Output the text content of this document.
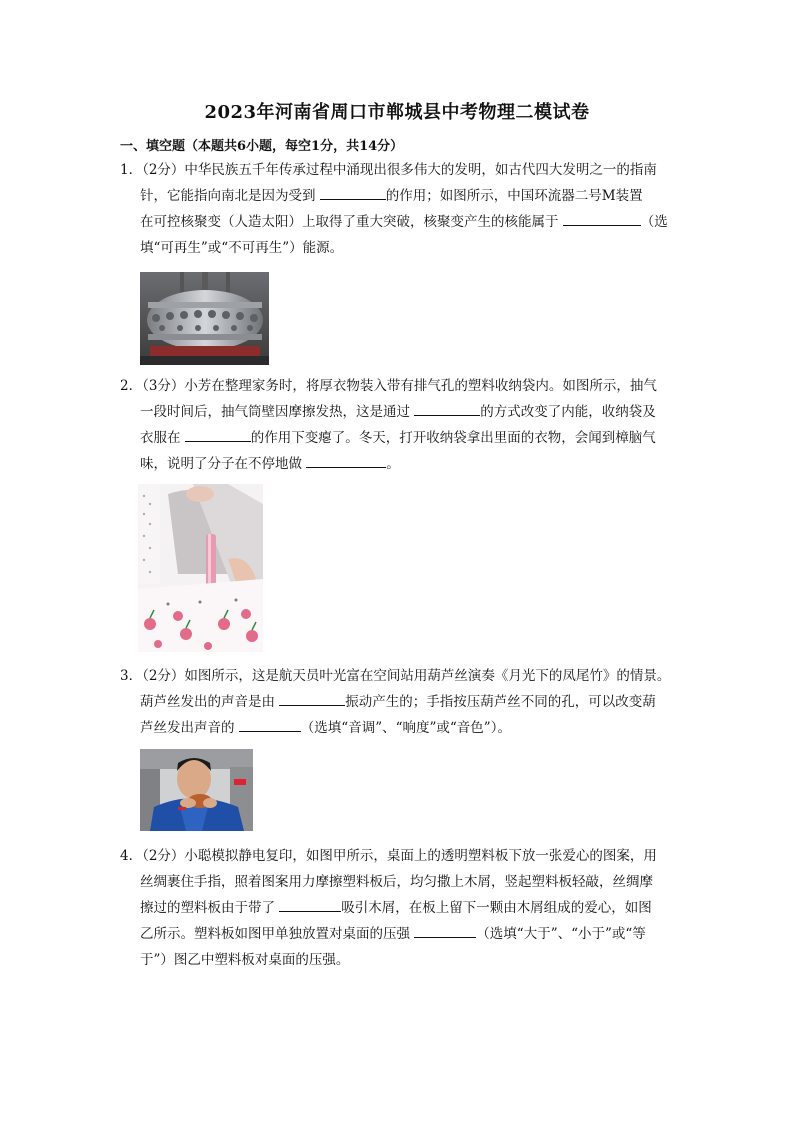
2023年河南省周口市郸城县中考物理二模试卷
一、填空题（本题共6小题，每空1分，共14分）
1．（2分）中华民族五千年传承过程中涌现出很多伟大的发明，如古代四大发明之一的指南
针，它能指向南北是因为受到	的作用；如图所示，中国环流器二号M装置
在可控核聚变（人造太阳）上取得了重大突破，核聚变产生的核能属于	（选
填“可再生”或“不可再生”）能源。
2．（3分）小芳在整理家务时，将厚衣物装入带有排气孔的塑料收纳袋内。如图所示，抽气
一段时间后，抽气筒壁因摩擦发热，这是通过	的方式改变了内能，收纳袋及
衣服在	的作用下变瘪了。冬天，打开收纳袋拿出里面的衣物，会闻到樟脑气
味，说明了分子在不停地做	。
3．（2分）如图所示，这是航天员叶光富在空间站用葫芦丝演奏《月光下的凤尾竹》的情景。
葫芦丝发出的声音是由	振动产生的；手指按压葫芦丝不同的孔，可以改变葫
芦丝发出声音的	（选填“音调”、“响度”或“音色”）。
4．（2分）小聪模拟静电复印，如图甲所示，桌面上的透明塑料板下放一张爱心的图案，用
丝绸裹住手指，照着图案用力摩擦塑料板后，均匀撒上木屑，竖起塑料板轻敲，丝绸摩
擦过的塑料板由于带了	吸引木屑，在板上留下一颗由木屑组成的爱心，如图
乙所示。塑料板如图甲单独放置对桌面的压强	（选填“大于”、“小于”或“等
于”）图乙中塑料板对桌面的压强。
